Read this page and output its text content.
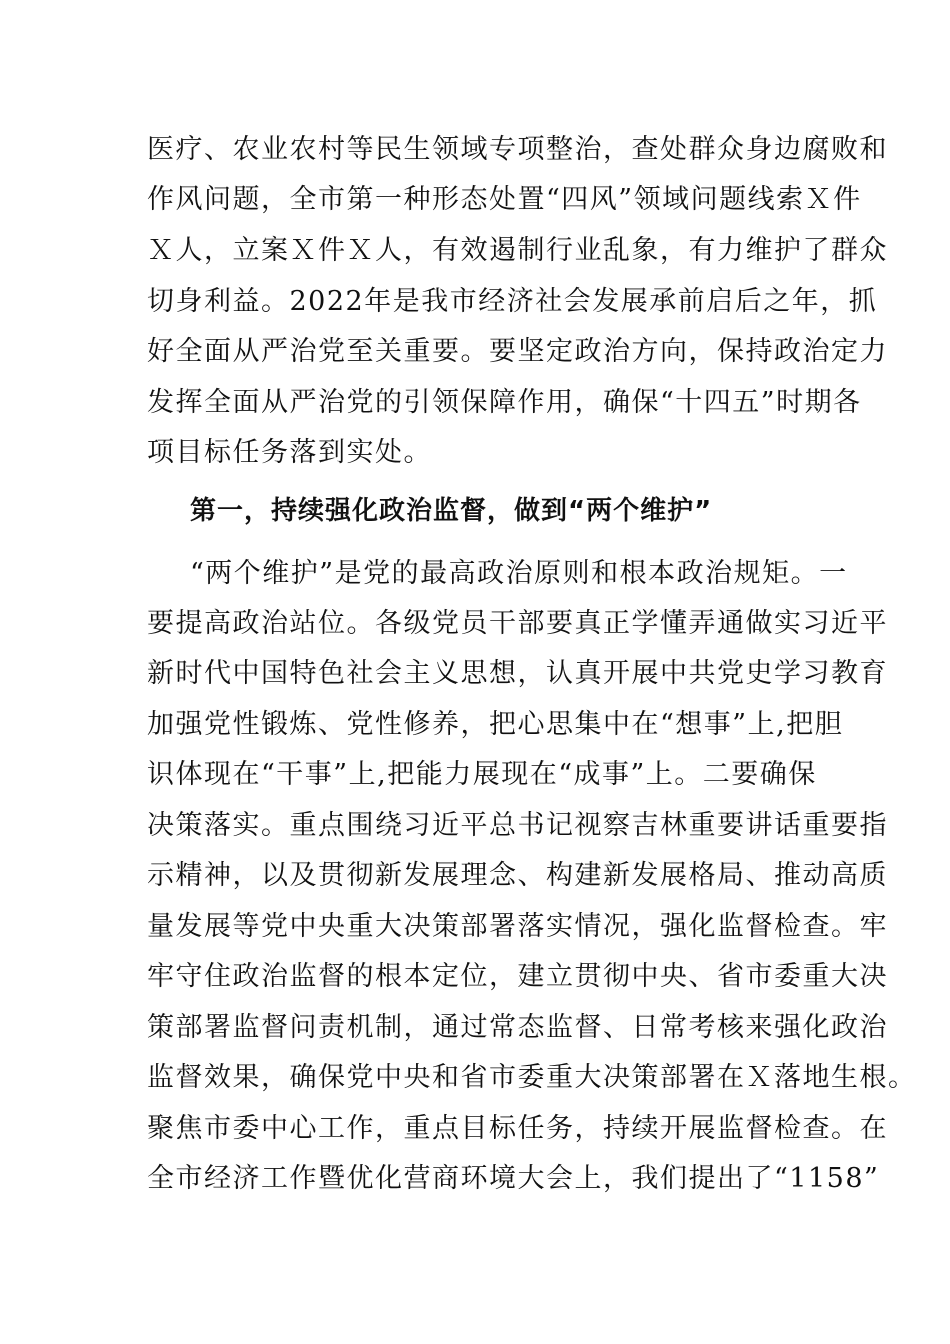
医疗、农业农村等民生领域专项整治，查处群众身边腐败和
作风问题，全市第一种形态处置“四风”领域问题线索Ｘ件
Ｘ人，立案Ｘ件Ｘ人，有效遏制行业乱象，有力维护了群众
切身利益。2022年是我市经济社会发展承前启后之年，抓
好全面从严治党至关重要。要坚定政治方向，保持政治定力
发挥全面从严治党的引领保障作用，确保“十四五”时期各
项目标任务落到实处。
第一，持续强化政治监督，做到“两个维护”
“两个维护”是党的最高政治原则和根本政治规矩。一
要提高政治站位。各级党员干部要真正学懂弄通做实习近平
新时代中国特色社会主义思想，认真开展中共党史学习教育
加强党性锻炼、党性修养，把心思集中在“想事”上,把胆
识体现在“干事”上,把能力展现在“成事”上。二要确保
决策落实。重点围绕习近平总书记视察吉林重要讲话重要指
示精神，以及贯彻新发展理念、构建新发展格局、推动高质
量发展等党中央重大决策部署落实情况，强化监督检查。牢
牢守住政治监督的根本定位，建立贯彻中央、省市委重大决
策部署监督问责机制，通过常态监督、日常考核来强化政治
监督效果，确保党中央和省市委重大决策部署在Ｘ落地生根。
聚焦市委中心工作，重点目标任务，持续开展监督检查。在
全市经济工作暨优化营商环境大会上，我们提出了“1158”
